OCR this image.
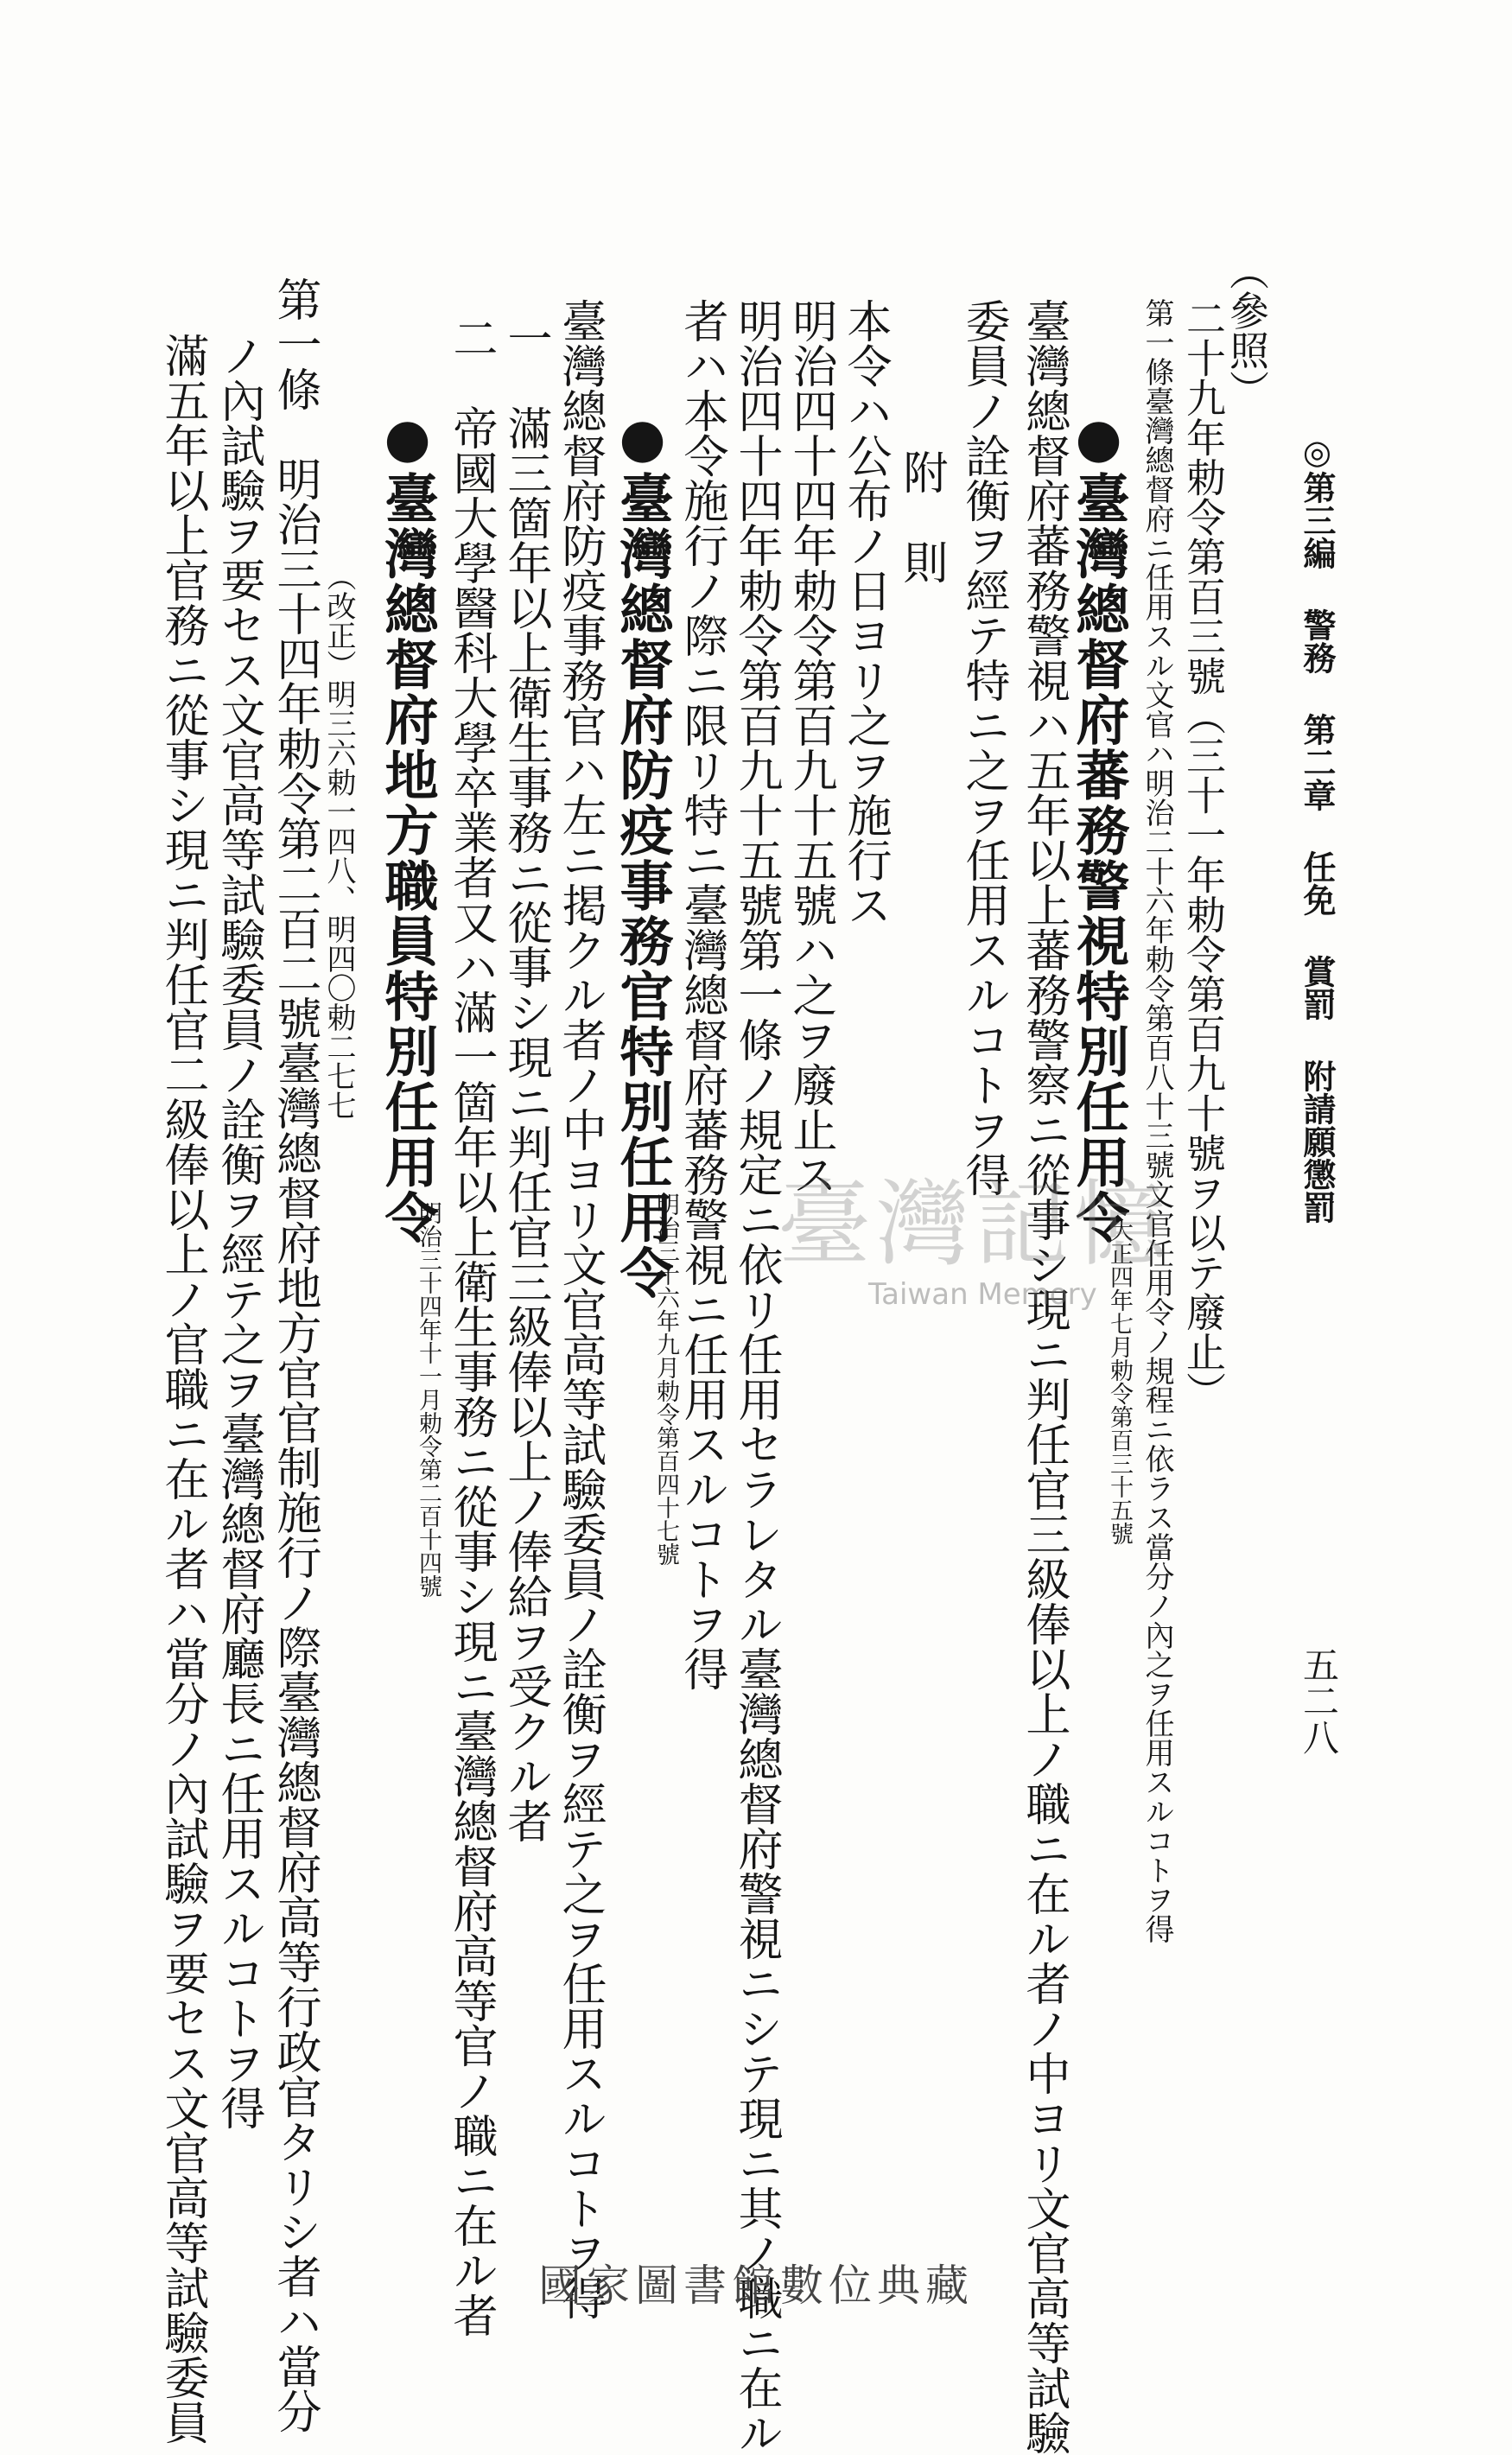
◎第三編 警務 第二章 任免 賞罰 附請願懲罰
五二八
（參照）
二十九年勅令第百三號（三十一年勅令第百九十號ヲ以テ廢止）
第一條臺灣總督府ニ任用スル文官ハ明治二十六年勅令第百八十三號文官任用令ノ規程ニ依ラス當分ノ內之ヲ任用スルコトヲ得
●臺灣總督府蕃務警視特別任用令
大正四年七月勅令第百三十五號
臺灣總督府蕃務警視ハ五年以上蕃務警察ニ從事シ現ニ判任官三級俸以上ノ職ニ在ル者ノ中ヨリ文官高等試驗
委員ノ詮衡ヲ經テ特ニ之ヲ任用スルコトヲ得
附　則
本令ハ公布ノ日ヨリ之ヲ施行ス
明治四十四年勅令第百九十五號ハ之ヲ廢止ス
明治四十四年勅令第百九十五號第一條ノ規定ニ依リ任用セラレタル臺灣總督府警視ニシテ現ニ其ノ職ニ在ル
者ハ本令施行ノ際ニ限リ特ニ臺灣總督府蕃務警視ニ任用スルコトヲ得
●臺灣總督府防疫事務官特別任用令
明治三十六年九月勅令第百四十七號
臺灣總督府防疫事務官ハ左ニ掲クル者ノ中ヨリ文官高等試驗委員ノ詮衡ヲ經テ之ヲ任用スルコトヲ得
一　滿三箇年以上衛生事務ニ從事シ現ニ判任官三級俸以上ノ俸給ヲ受クル者
二　帝國大學醫科大學卒業者又ハ滿一箇年以上衛生事務ニ從事シ現ニ臺灣總督府高等官ノ職ニ在ル者
●臺灣總督府地方職員特別任用令
明治三十四年十一月勅令第二百十四號
（改正）明三六勅一四八、明四〇勅二七七
第一條　明治三十四年勅令第二百二號臺灣總督府地方官官制施行ノ際臺灣總督府高等行政官タリシ者ハ當分
ノ內試驗ヲ要セス文官高等試驗委員ノ詮衡ヲ經テ之ヲ臺灣總督府廳長ニ任用スルコトヲ得
滿五年以上官務ニ從事シ現ニ判任官二級俸以上ノ官職ニ在ル者ハ當分ノ內試驗ヲ要セス文官高等試驗委員	臺灣記憶
Taiwan Memory
國家圖書館數位典藏
